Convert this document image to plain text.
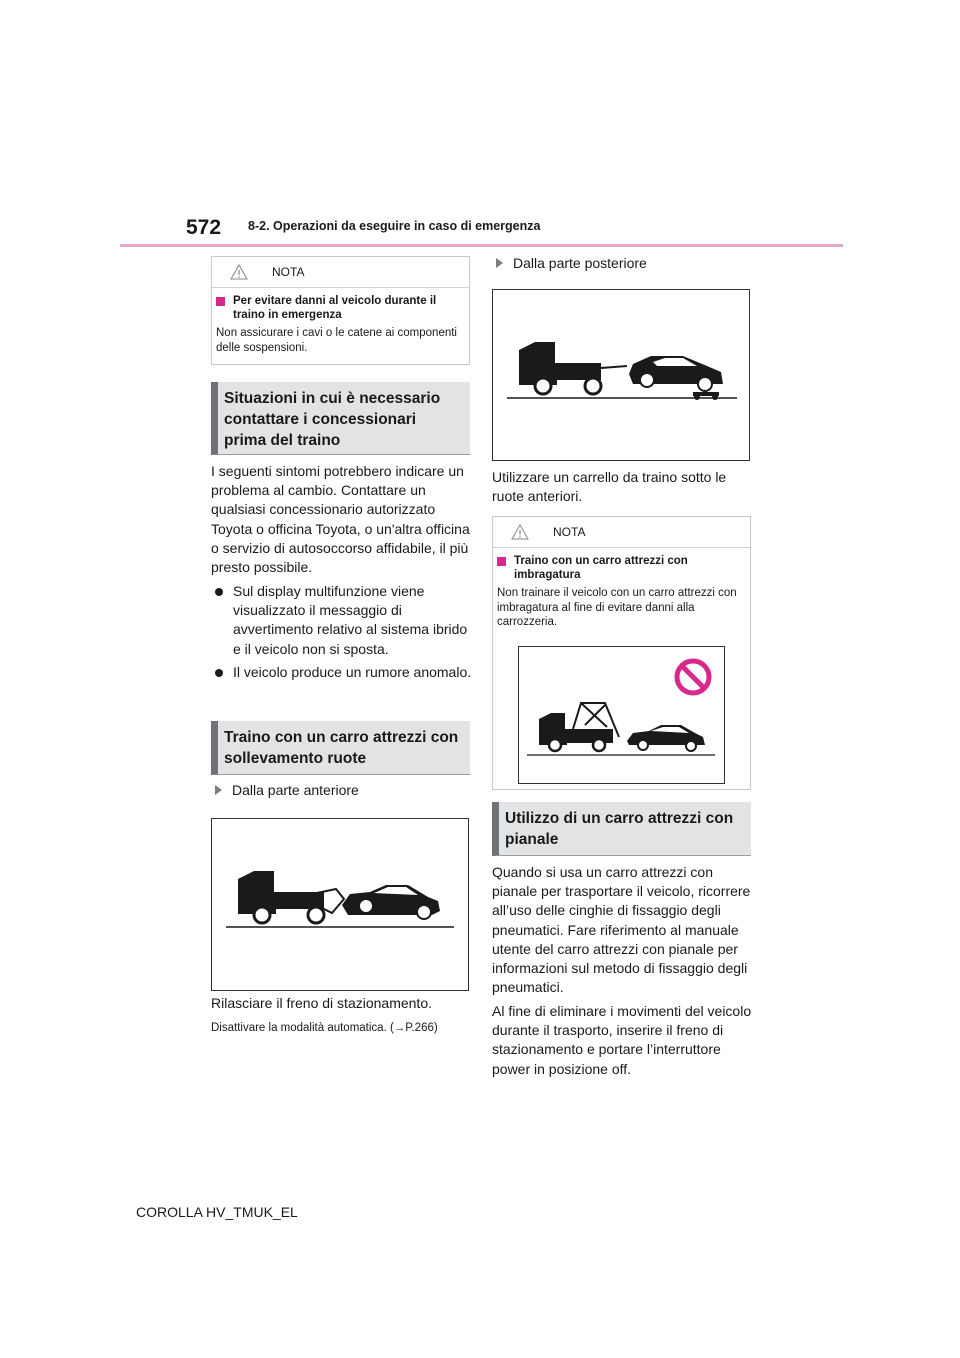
572 8-2. Operazioni da eseguire in caso di emergenza
NOTA
Per evitare danni al veicolo durante il traino in emergenza
Non assicurare i cavi o le catene ai componenti delle sospensioni.
Situazioni in cui è necessario contattare i concessionari prima del traino
I seguenti sintomi potrebbero indicare un problema al cambio. Contattare un qualsiasi concessionario autorizzato Toyota o officina Toyota, o un'altra officina o servizio di autosoccorso affidabile, il più presto possibile.
Sul display multifunzione viene visualizzato il messaggio di avvertimento relativo al sistema ibrido e il veicolo non si sposta.
Il veicolo produce un rumore anomalo.
Traino con un carro attrezzi con sollevamento ruote
Dalla parte anteriore
Rilasciare il freno di stazionamento.
Disattivare la modalità automatica. (→P.266)
Dalla parte posteriore
Utilizzare un carrello da traino sotto le ruote anteriori.
NOTA
Traino con un carro attrezzi con imbragatura
Non trainare il veicolo con un carro attrezzi con imbragatura al fine di evitare danni alla carrozzeria.
Utilizzo di un carro attrezzi con pianale
Quando si usa un carro attrezzi con pianale per trasportare il veicolo, ricorrere all’uso delle cinghie di fissaggio degli pneumatici. Fare riferimento al manuale utente del carro attrezzi con pianale per informazioni sul metodo di fissaggio degli pneumatici.
Al fine di eliminare i movimenti del veicolo durante il trasporto, inserire il freno di stazionamento e portare l’interruttore power in posizione off.
COROLLA HV_TMUK_EL
